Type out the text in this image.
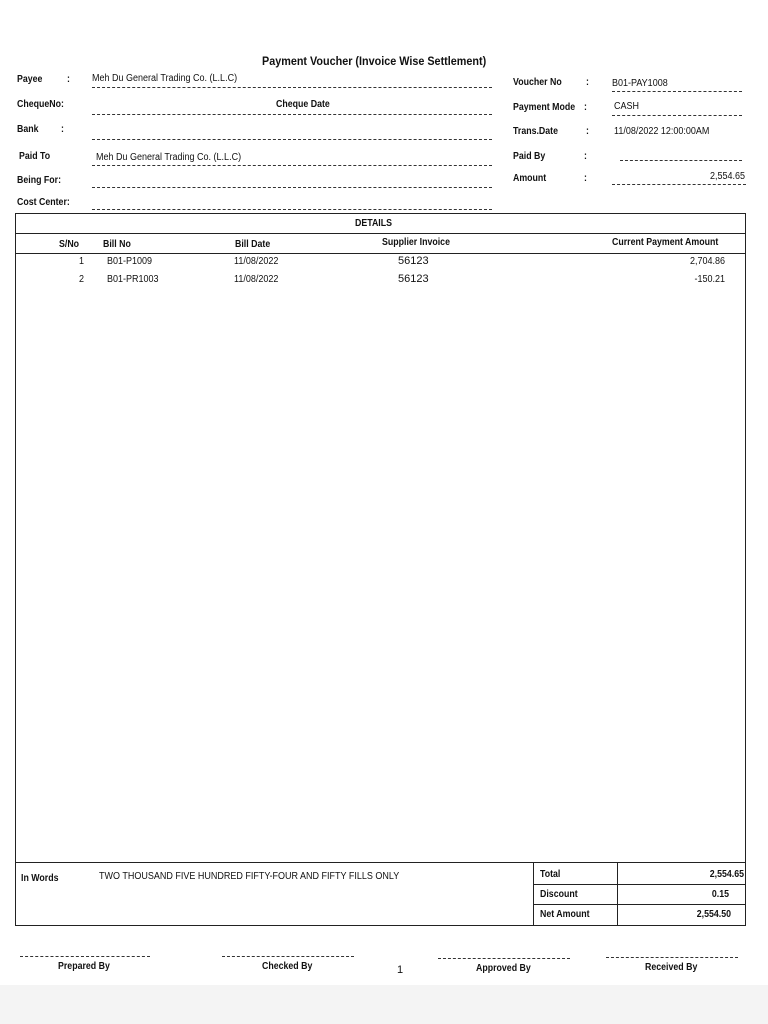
Payment Voucher (Invoice Wise Settlement)
Payee : Meh Du General Trading Co. (L.L.C)
ChequeNo:	Cheque Date
Bank :
Paid To	Meh Du General Trading Co. (L.L.C)
Being For:
Cost Center:
Voucher No : B01-PAY1008
Payment Mode :	CASH
Trans.Date	:	11/08/2022 12:00:00AM
Paid By	:
Amount	:	2,554.65
DETAILS
S/No Bill No	Bill Date	Supplier Invoice	Current Payment Amount
1 B01-P1009	11/08/2022	56123	2,704.86
2 B01-PR1003	11/08/2022	56123	-150.21
In Words	TWO THOUSAND FIVE HUNDRED FIFTY-FOUR AND FIFTY FILLS ONLY	Total	2,554.65
Discount	0.15
Net Amount	2,554.50
Prepared By	Checked By	1	Approved By	Received By
